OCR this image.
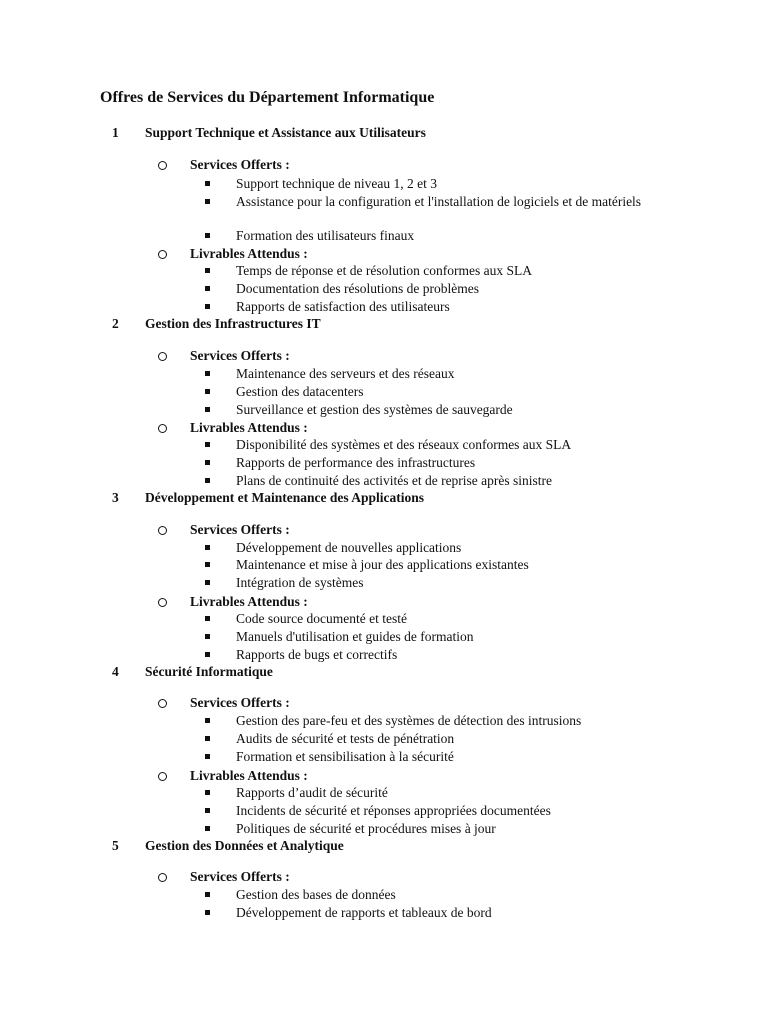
Offres de Services du Département Informatique
1 Support Technique et Assistance aux Utilisateurs
Services Offerts :
Support technique de niveau 1, 2 et 3
Assistance pour la configuration et l'installation de logiciels et de matériels
Formation des utilisateurs finaux
Livrables Attendus :
Temps de réponse et de résolution conformes aux SLA
Documentation des résolutions de problèmes
Rapports de satisfaction des utilisateurs
2 Gestion des Infrastructures IT
Services Offerts :
Maintenance des serveurs et des réseaux
Gestion des datacenters
Surveillance et gestion des systèmes de sauvegarde
Livrables Attendus :
Disponibilité des systèmes et des réseaux conformes aux SLA
Rapports de performance des infrastructures
Plans de continuité des activités et de reprise après sinistre
3 Développement et Maintenance des Applications
Services Offerts :
Développement de nouvelles applications
Maintenance et mise à jour des applications existantes
Intégration de systèmes
Livrables Attendus :
Code source documenté et testé
Manuels d'utilisation et guides de formation
Rapports de bugs et correctifs
4 Sécurité Informatique
Services Offerts :
Gestion des pare-feu et des systèmes de détection des intrusions
Audits de sécurité et tests de pénétration
Formation et sensibilisation à la sécurité
Livrables Attendus :
Rapports d’audit de sécurité
Incidents de sécurité et réponses appropriées documentées
Politiques de sécurité et procédures mises à jour
5 Gestion des Données et Analytique
Services Offerts :
Gestion des bases de données
Développement de rapports et tableaux de bord
